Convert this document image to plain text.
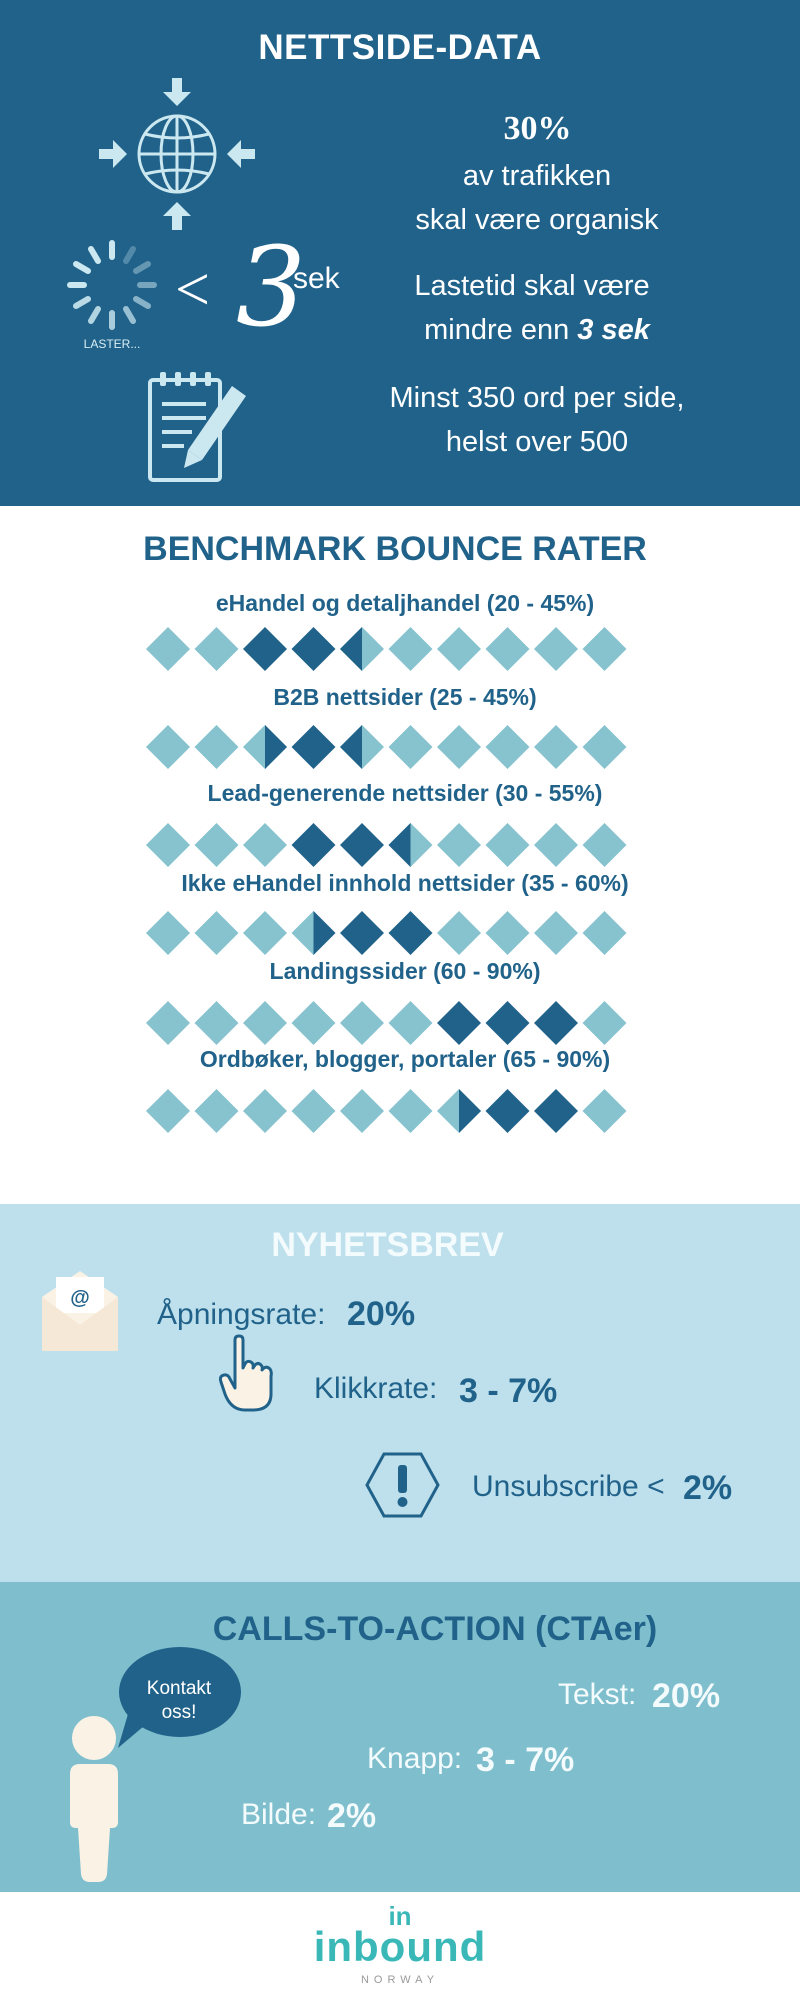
NETTSIDE-DATA
LASTER...
< 3
sek
30%
av trafikken
skal være organisk
Lastetid skal være
mindre enn 3 sek
Minst 350 ord per side,
helst over 500
BENCHMARK BOUNCE RATER
eHandel og detaljhandel (20 - 45%)
B2B nettsider (25 - 45%)
Lead-generende nettsider (30 - 55%)
Ikke eHandel innhold nettsider (35 - 60%)
Landingssider (60 - 90%)
Ordbøker, blogger, portaler (65 - 90%)
NYHETSBREV
@ Åpningsrate: 20%
Klikkrate: 3 - 7%
Unsubscribe < 2%
CALLS-TO-ACTION (CTAer)
Kontakt
oss!
Tekst: 20%
Knapp: 3 - 7%
Bilde: 2%
in
inbound
NORWAY
